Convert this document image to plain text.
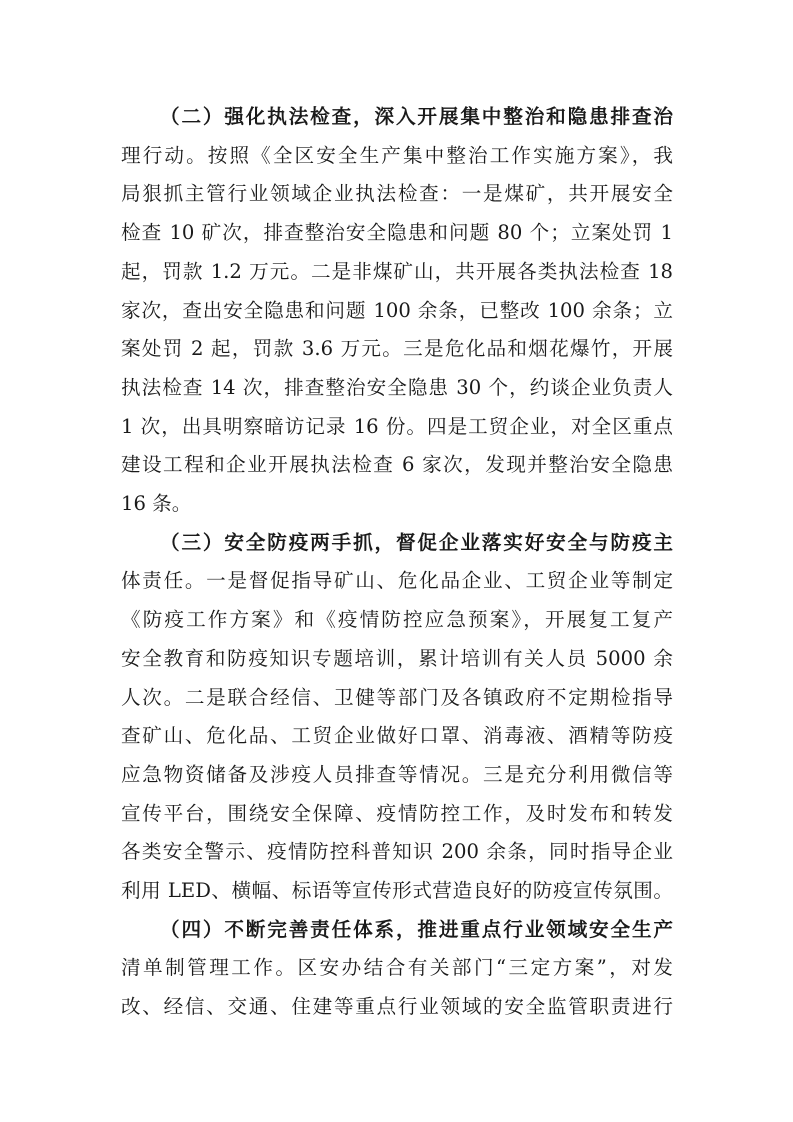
（二）强化执法检查，深入开展集中整治和隐患排查治
理行动。按照《全区安全生产集中整治工作实施方案》，我
局狠抓主管行业领域企业执法检查：一是煤矿，共开展安全
检查 10 矿次，排查整治安全隐患和问题 80 个；立案处罚 1
起，罚款 1.2 万元。二是非煤矿山，共开展各类执法检查 18
家次，查出安全隐患和问题 100 余条，已整改 100 余条；立
案处罚 2 起，罚款 3.6 万元。三是危化品和烟花爆竹，开展
执法检查 14 次，排查整治安全隐患 30 个，约谈企业负责人
1 次，出具明察暗访记录 16 份。四是工贸企业，对全区重点
建设工程和企业开展执法检查 6 家次，发现并整治安全隐患
16 条。
（三）安全防疫两手抓，督促企业落实好安全与防疫主
体责任。一是督促指导矿山、危化品企业、工贸企业等制定
《防疫工作方案》和《疫情防控应急预案》，开展复工复产
安全教育和防疫知识专题培训，累计培训有关人员 5000 余
人次。二是联合经信、卫健等部门及各镇政府不定期检指导
查矿山、危化品、工贸企业做好口罩、消毒液、酒精等防疫
应急物资储备及涉疫人员排查等情况。三是充分利用微信等
宣传平台，围绕安全保障、疫情防控工作，及时发布和转发
各类安全警示、疫情防控科普知识 200 余条，同时指导企业
利用 LED、横幅、标语等宣传形式营造良好的防疫宣传氛围。
（四）不断完善责任体系，推进重点行业领域安全生产
清单制管理工作。区安办结合有关部门“三定方案”，对发
改、经信、交通、住建等重点行业领域的安全监管职责进行
